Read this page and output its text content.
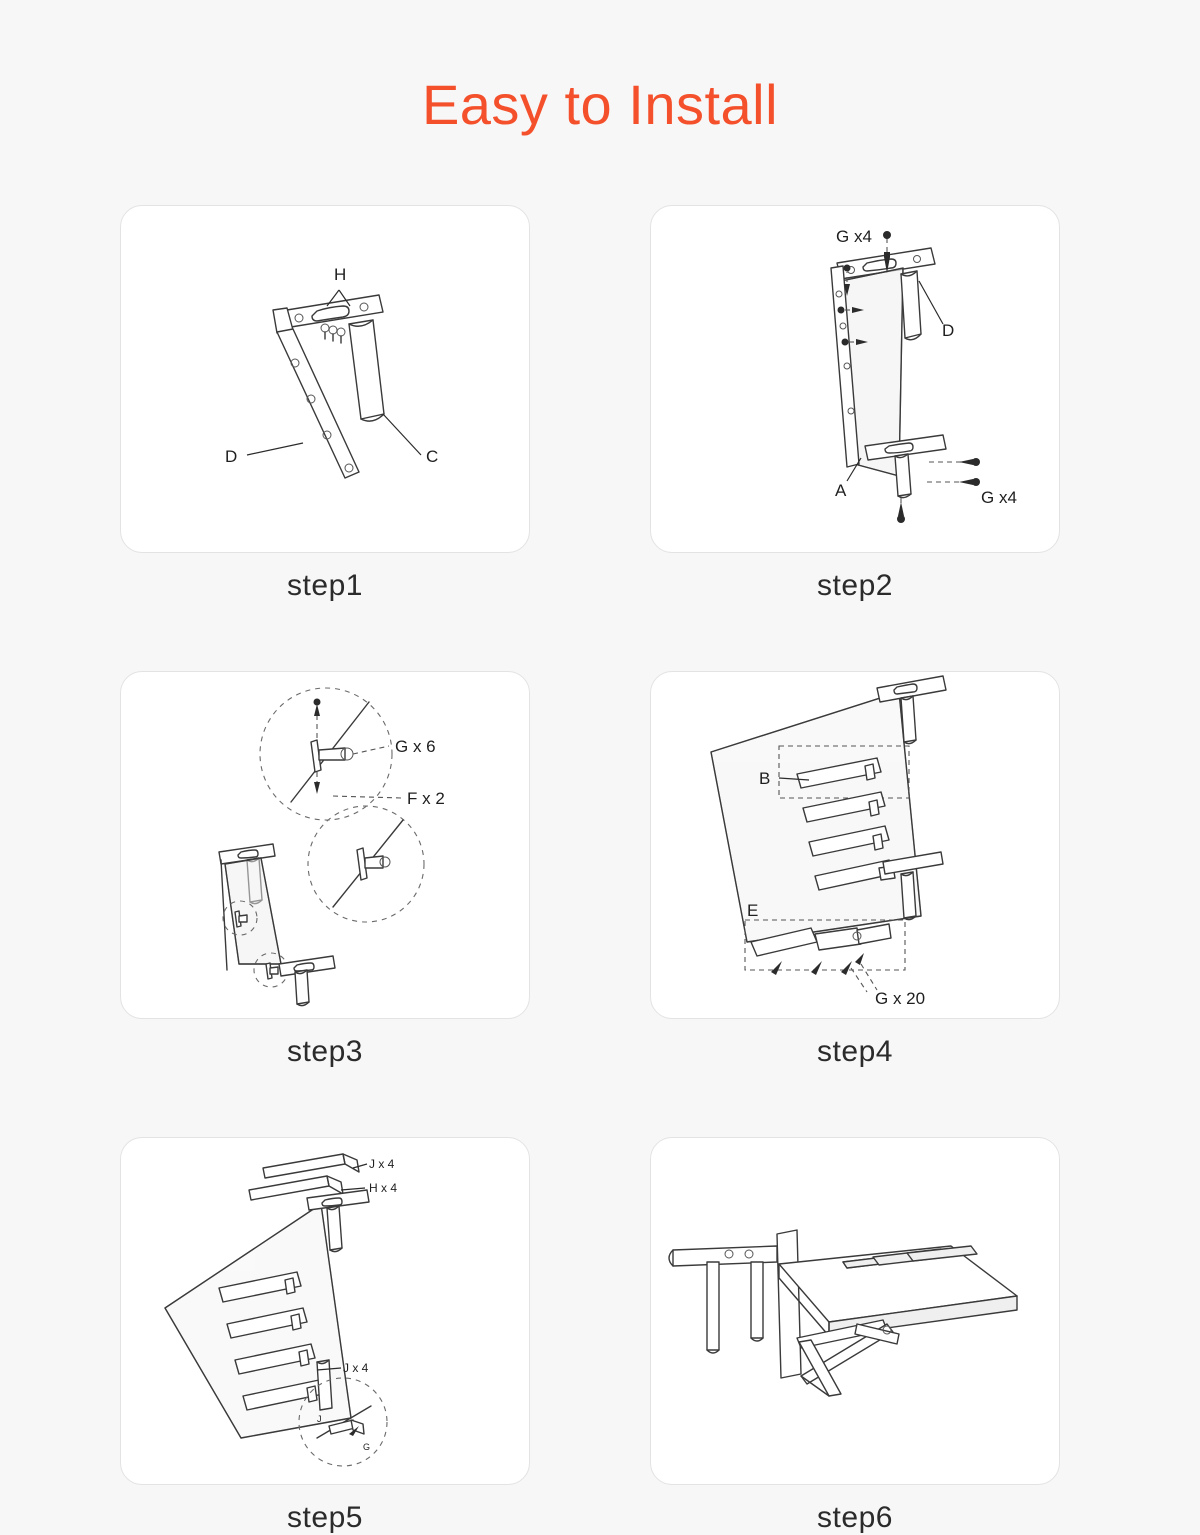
Easy to Install
H
D	C
step1
G x4
D
A	G x4
step2
G x 6
F x 2
step3
B
E
G x 20
step4
J
G
J x 4
H x 4
J x 4
step5	step6
